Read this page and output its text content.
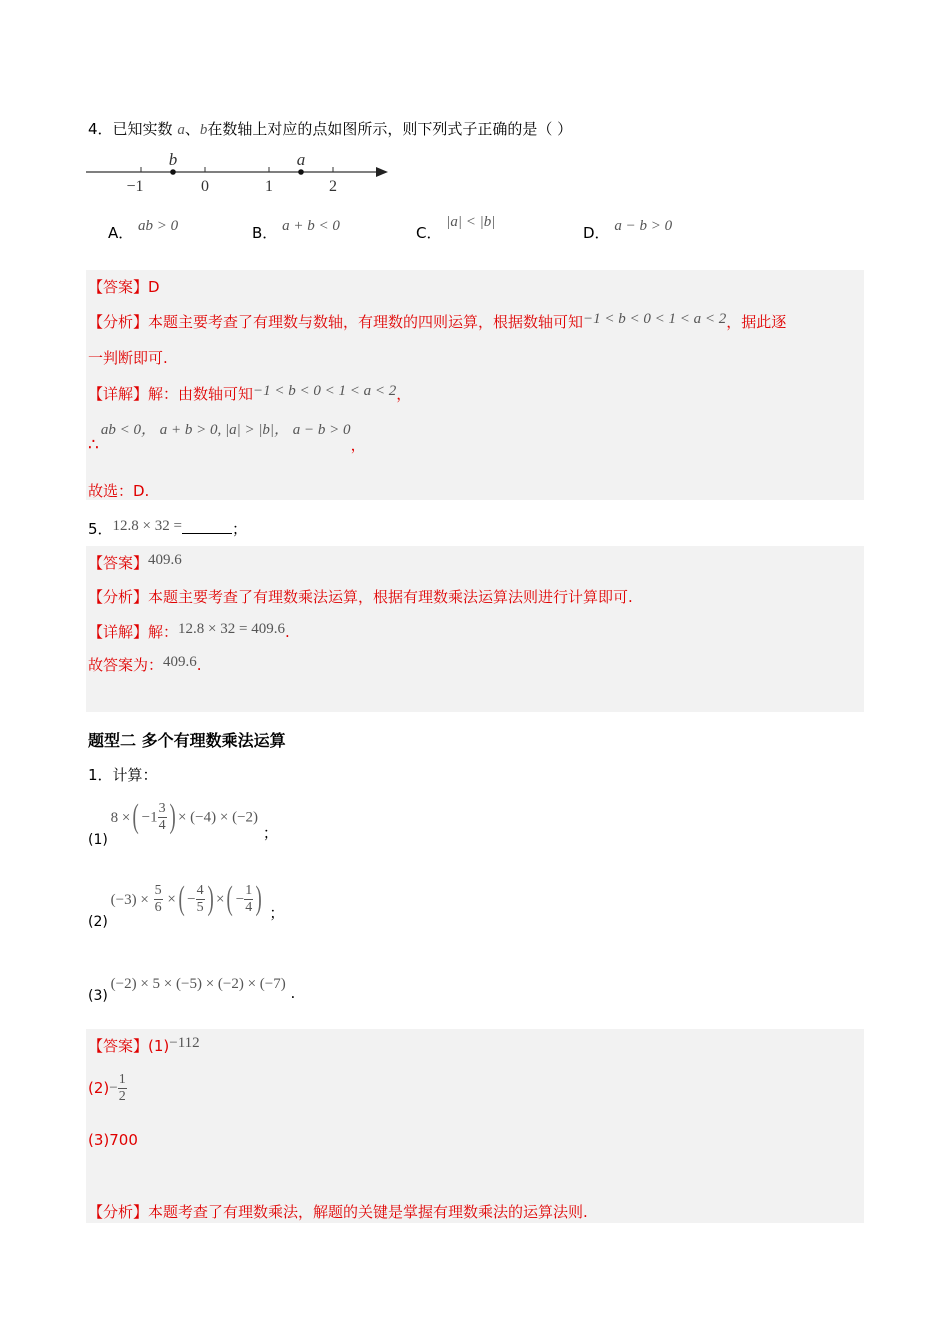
4．已知实数 a、b在数轴上对应的点如图所示，则下列式子正确的是（ ）
−1	0	1	2
b	a
A． ab > 0	B． a + b < 0	C． |a| < |b|
D． a − b > 0
【答案】D
【分析】本题主要考查了有理数与数轴，有理数的四则运算，根据数轴可知−1 < b < 0 < 1 < a < 2，据此逐
一判断即可.
【详解】解：由数轴可知−1 < b < 0 < 1 < a < 2，
∴ab < 0， a + b > 0, |a| > |b|， a − b > 0，
故选：D.
5．12.8 × 32 =	；
【答案】409.6
【分析】本题主要考查了有理数乘法运算，根据有理数乘法运算法则进行计算即可.
【详解】解：12.8 × 32 = 409.6.
故答案为：409.6.
题型二 多个有理数乘法运算
1．计算：
(1) 8 ×( $-1 \frac{3}{4}$ ) × (−4) × (−2) ；
(2) $(-3) \times \frac{5}{6}$ ×( − $\frac{4}{5}$ ) ×( − $\frac{1}{4}$ ) ；
(3) (−2) × 5 × (−5) × (−2) × (−7) .
【答案】(1)−112
$(2)- \frac{1}{2}$
(3)700
【分析】本题考查了有理数乘法，解题的关键是掌握有理数乘法的运算法则.
